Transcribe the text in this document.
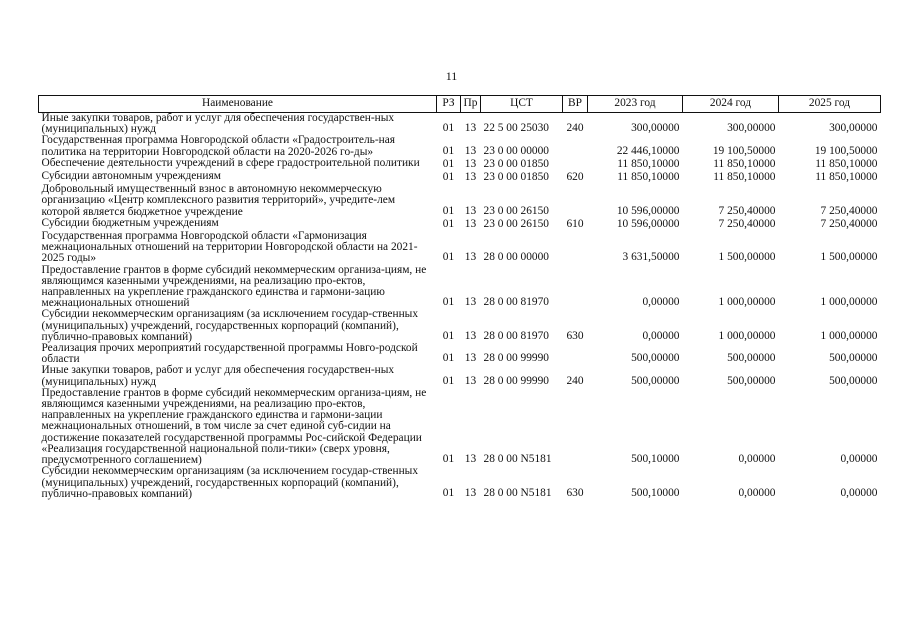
11
Наименование	РЗ	Пр	ЦСТ	ВР	2023 год	2024 год	2025 год
Иные закупки товаров, работ и услуг для обеспечения государствен-ных (муниципальных) нужд	01	13	22 5 00 25030	240	300,00000	300,00000	300,00000
Государственная программа Новгородской области «Градостроитель-ная политика на территории Новгородской области на 2020-2026 го-ды»	01	13	23 0 00 00000		22 446,10000	19 100,50000	19 100,50000
Обеспечение деятельности учреждений в сфере градостроительной политики	01	13	23 0 00 01850		11 850,10000	11 850,10000	11 850,10000
Субсидии автономным учреждениям	01	13	23 0 00 01850	620	11 850,10000	11 850,10000	11 850,10000
Добровольный имущественный взнос в автономную некоммерческую организацию «Центр комплексного развития территорий», учредите-лем которой является бюджетное учреждение	01	13	23 0 00 26150		10 596,00000	7 250,40000	7 250,40000
Субсидии бюджетным учреждениям	01	13	23 0 00 26150	610	10 596,00000	7 250,40000	7 250,40000
Государственная программа Новгородской области «Гармонизация межнациональных отношений на территории Новгородской области на 2021-2025 годы»	01	13	28 0 00 00000		3 631,50000	1 500,00000	1 500,00000
Предоставление грантов в форме субсидий некоммерческим организа-циям, не являющимся казенными учреждениями, на реализацию про-ектов, направленных на укрепление гражданского единства и гармони-зацию межнациональных отношений	01	13	28 0 00 81970		0,00000	1 000,00000	1 000,00000
Субсидии некоммерческим организациям (за исключением государ-ственных (муниципальных) учреждений, государственных корпораций (компаний), публично-правовых компаний)	01	13	28 0 00 81970	630	0,00000	1 000,00000	1 000,00000
Реализация прочих мероприятий государственной программы Новго-родской области	01	13	28 0 00 99990		500,00000	500,00000	500,00000
Иные закупки товаров, работ и услуг для обеспечения государствен-ных (муниципальных) нужд	01	13	28 0 00 99990	240	500,00000	500,00000	500,00000
Предоставление грантов в форме субсидий некоммерческим организа-циям, не являющимся казенными учреждениями, на реализацию про-ектов, направленных на укрепление гражданского единства и гармони-зации межнациональных отношений, в том числе за счет единой суб-сидии на достижение показателей государственной программы Рос-сийской Федерации «Реализация государственной национальной поли-тики» (сверх уровня, предусмотренного соглашением)	01	13	28 0 00 N5181		500,10000	0,00000	0,00000
Субсидии некоммерческим организациям (за исключением государ-ственных (муниципальных) учреждений, государственных корпораций (компаний), публично-правовых компаний)	01	13	28 0 00 N5181	630	500,10000	0,00000	0,00000
